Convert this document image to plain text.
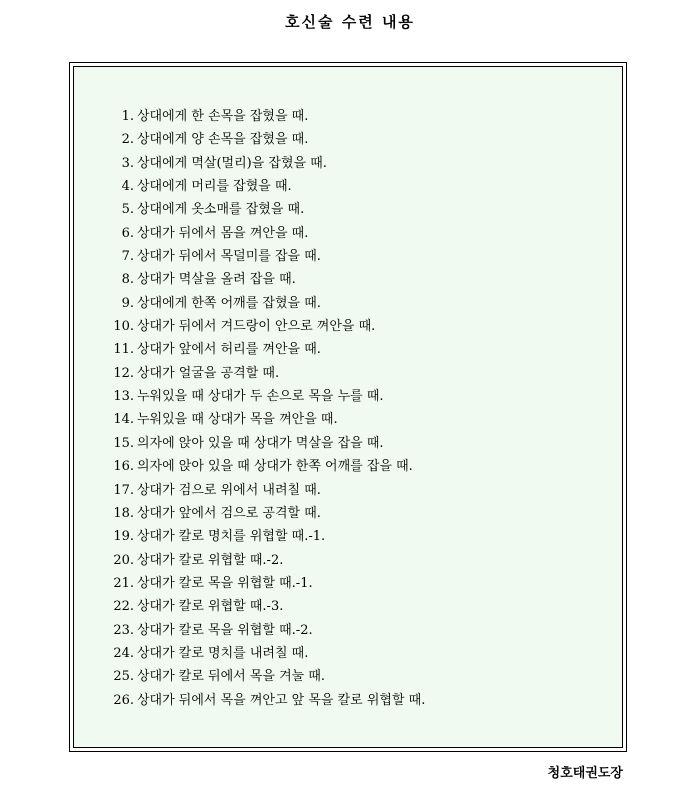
호신술 수련 내용
1. 상대에게 한 손목을 잡혔을 때.
2. 상대에게 양 손목을 잡혔을 때.
3. 상대에게 멱살(멀리)을 잡혔을 때.
4. 상대에게 머리를 잡혔을 때.
5. 상대에게 옷소매를 잡혔을 때.
6. 상대가 뒤에서 몸을 껴안을 때.
7. 상대가 뒤에서 목덜미를 잡을 때.
8. 상대가 멱살을 올려 잡을 때.
9. 상대에게 한쪽 어깨를 잡혔을 때.
10. 상대가 뒤에서 겨드랑이 안으로 껴안을 때.
11. 상대가 앞에서 허리를 껴안을 때.
12. 상대가 얼굴을 공격할 때.
13. 누워있을 때 상대가 두 손으로 목을 누를 때.
14. 누워있을 때 상대가 목을 껴안을 때.
15. 의자에 앉아 있을 때 상대가 멱살을 잡을 때.
16. 의자에 앉아 있을 때 상대가 한쪽 어깨를 잡을 때.
17. 상대가 검으로 위에서 내려칠 때.
18. 상대가 앞에서 검으로 공격할 때.
19. 상대가 칼로 명치를 위협할 때.-1.
20. 상대가 칼로 위협할 때.-2.
21. 상대가 칼로 목을 위협할 때.-1.
22. 상대가 칼로 위협할 때.-3.
23. 상대가 칼로 목을 위협할 때.-2.
24. 상대가 칼로 명치를 내려칠 때.
25. 상대가 칼로 뒤에서 목을 겨눌 때.
26. 상대가 뒤에서 목을 껴안고 앞 목을 칼로 위협할 때.
청호태권도장
